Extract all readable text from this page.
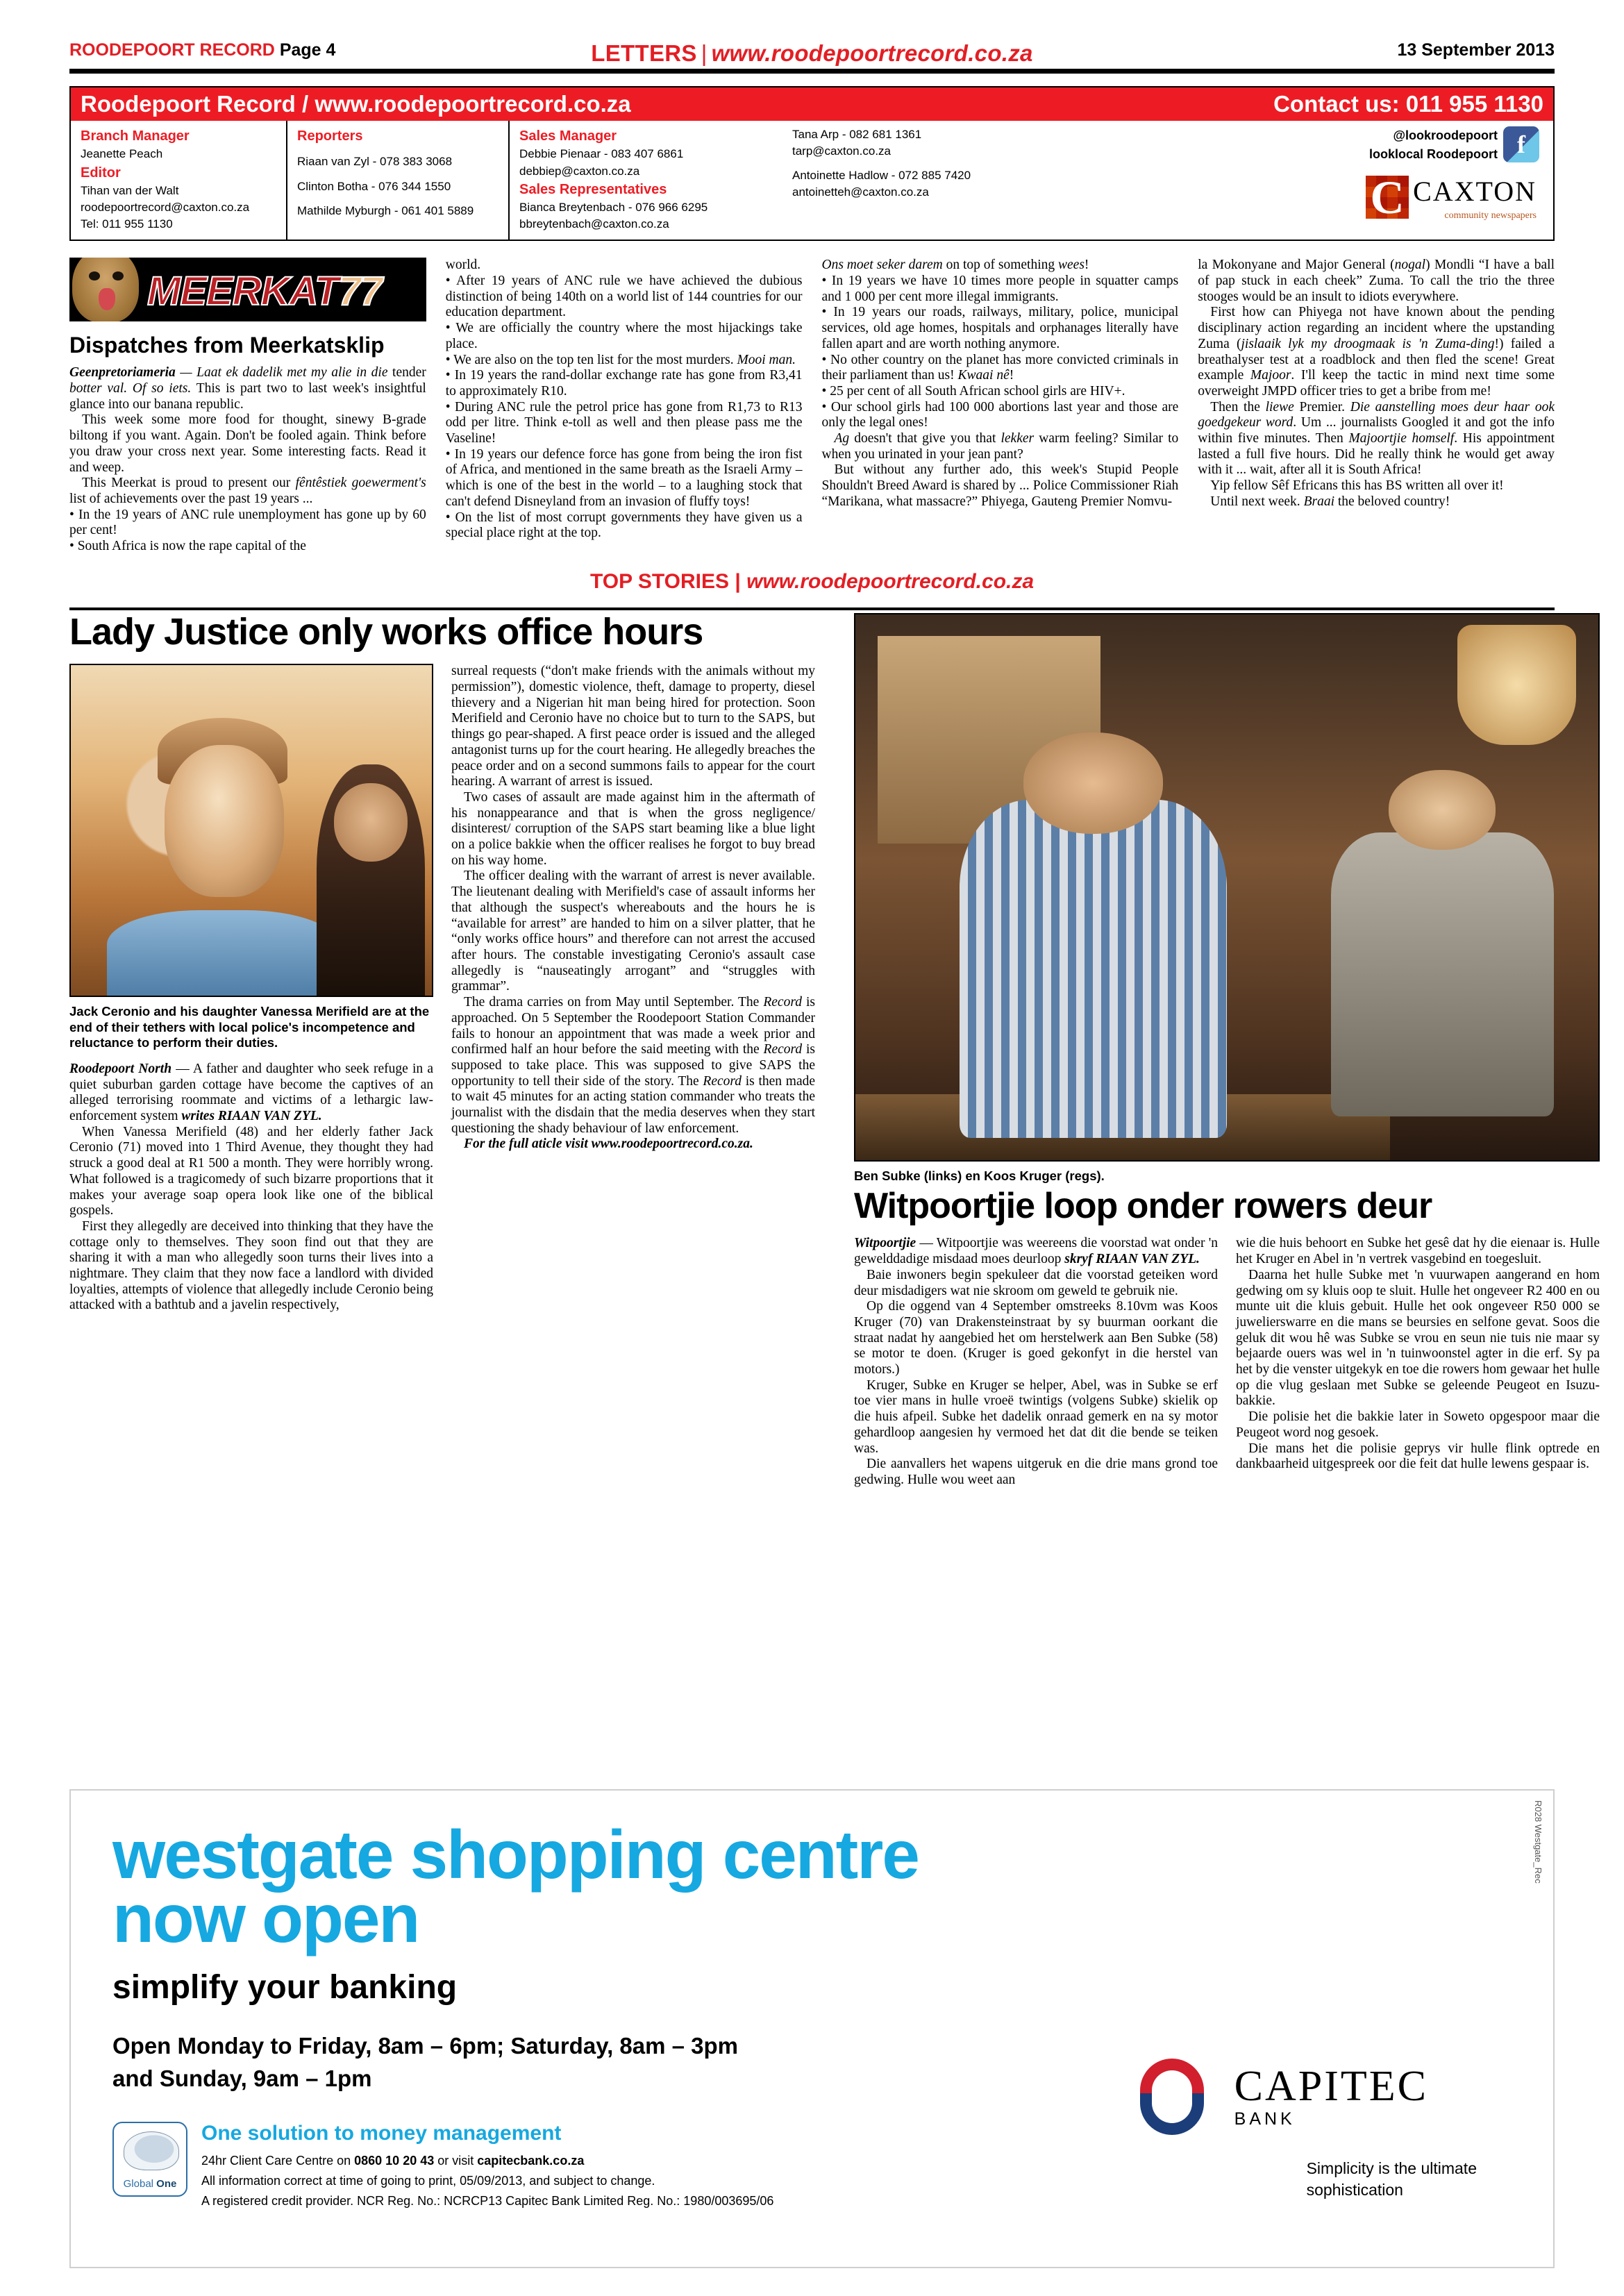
ROODEPOORT RECORD Page 4	LETTERS | www.roodepoortrecord.co.za	13 September 2013
Roodepoort Record / www.roodepoortrecord.co.za	Contact us: 011 955 1130
Branch Manager
Jeanette Peach
Editor
Tihan van der Walt
roodepoortrecord@caxton.co.za
Tel: 011 955 1130
Reporters
Riaan van Zyl - 078 383 3068
Clinton Botha - 076 344 1550
Mathilde Myburgh - 061 401 5889
Sales Manager
Debbie Pienaar - 083 407 6861
debbiep@caxton.co.za
Sales Representatives
Bianca Breytenbach - 076 966 6295
bbreytenbach@caxton.co.za
Tana Arp - 082 681 1361
tarp@caxton.co.za
Antoinette Hadlow - 072 885 7420
antoinetteh@caxton.co.za
@lookroodepoort
looklocal Roodepoort f
C
CAXTON
community newspapers
MEERKAT77
Dispatches from Meerkatsklip

Geenpretoriameria — Laat ek dadelik met my alie in die tender botter val. Of so iets. This is part two to last week's insightful glance into our banana republic.

This week some more food for thought, sinewy B-grade biltong if you want. Again. Don't be fooled again. Think before you draw your cross next year. Some interesting facts. Read it and weep.

This Meerkat is proud to present our fêntêstiek goewerment's list of achievements over the past 19 years ...

• In the 19 years of ANC rule unemployment has gone up by 60 per cent!

• South Africa is now the rape capital of the

world.

• After 19 years of ANC rule we have achieved the dubious distinction of being 140th on a world list of 144 countries for our education department.

• We are officially the country where the most hijackings take place.

• We are also on the top ten list for the most murders. Mooi man.

• In 19 years the rand-dollar exchange rate has gone from R3,41 to approximately R10.

• During ANC rule the petrol price has gone from R1,73 to R13 odd per litre. Think e-toll as well and then please pass me the Vaseline!

• In 19 years our defence force has gone from being the iron fist of Africa, and mentioned in the same breath as the Israeli Army – which is one of the best in the world – to a laughing stock that can't defend Disneyland from an invasion of fluffy toys!

• On the list of most corrupt governments they have given us a special place right at the top.

Ons moet seker darem on top of something wees!

• In 19 years we have 10 times more people in squatter camps and 1 000 per cent more illegal immigrants.

• In 19 years our roads, railways, military, police, municipal services, old age homes, hospitals and orphanages literally have fallen apart and are worth nothing anymore.

• No other country on the planet has more convicted criminals in their parliament than us! Kwaai nê!

• 25 per cent of all South African school girls are HIV+.

• Our school girls had 100 000 abortions last year and those are only the legal ones!

Ag doesn't that give you that lekker warm feeling? Similar to when you urinated in your jean pant?

But without any further ado, this week's Stupid People Shouldn't Breed Award is shared by ... Police Commissioner Riah “Marikana, what massacre?” Phiyega, Gauteng Premier Nomvu-

la Mokonyane and Major General (nogal) Mondli “I have a ball of pap stuck in each cheek” Zuma. To call the trio the three stooges would be an insult to idiots everywhere.

First how can Phiyega not have known about the pending disciplinary action regarding an incident where the upstanding Zuma (jislaaik lyk my droogmaak is 'n Zuma-ding!) failed a breathalyser test at a roadblock and then fled the scene! Great example Majoor. I'll keep the tactic in mind next time some overweight JMPD officer tries to get a bribe from me!

Then the liewe Premier. Die aanstelling moes deur haar ook goedgekeur word. Um ... journalists Googled it and got the info within five minutes. Then Majoortjie homself. His appointment lasted a full five hours. Did he really think he would get away with it ... wait, after all it is South Africa!

Yip fellow Sêf Efricans this has BS written all over it!

Until next week. Braai the beloved country!

TOP STORIES | www.roodepoortrecord.co.za
Lady Justice only works office hours
Jack Ceronio and his daughter Vanessa Merifield are at the end of their tethers with local police's incompetence and reluctance to perform their duties.

Roodepoort North — A father and daughter who seek refuge in a quiet suburban garden cottage have become the captives of an alleged terrorising roommate and victims of a lethargic law-enforcement system writes RIAAN VAN ZYL.

When Vanessa Merifield (48) and her elderly father Jack Ceronio (71) moved into 1 Third Avenue, they thought they had struck a good deal at R1 500 a month. They were horribly wrong. What followed is a tragicomedy of such bizarre proportions that it makes your average soap opera look like one of the biblical gospels.

First they allegedly are deceived into thinking that they have the cottage only to themselves. They soon find out that they are sharing it with a man who allegedly soon turns their lives into a nightmare. They claim that they now face a landlord with divided loyalties, attempts of violence that allegedly include Ceronio being attacked with a bathtub and a javelin respectively,

surreal requests (“don't make friends with the animals without my permission”), domestic violence, theft, damage to property, diesel thievery and a Nigerian hit man being hired for protection. Soon Merifield and Ceronio have no choice but to turn to the SAPS, but things go pear-shaped. A first peace order is issued and the alleged antagonist turns up for the court hearing. He allegedly breaches the peace order and on a second summons fails to appear for the court hearing. A warrant of arrest is issued.

Two cases of assault are made against him in the aftermath of his nonappearance and that is when the gross negligence/ disinterest/ corruption of the SAPS start beaming like a blue light on a police bakkie when the officer realises he forgot to buy bread on his way home.

The officer dealing with the warrant of arrest is never available. The lieutenant dealing with Merifield's case of assault informs her that although the suspect's whereabouts and the hours he is “available for arrest” are handed to him on a silver platter, that he “only works office hours” and therefore can not arrest the accused after hours. The constable investigating Ceronio's assault case allegedly is “nauseatingly arrogant” and “struggles with grammar”.

The drama carries on from May until September. The Record is approached. On 5 September the Roodepoort Station Commander fails to honour an appointment that was made a week prior and confirmed half an hour before the said meeting with the Record is supposed to take place. This was supposed to give SAPS the opportunity to tell their side of the story. The Record is then made to wait 45 minutes for an acting station commander who treats the journalist with the disdain that the media deserves when they start questioning the shady behaviour of law enforcement.

For the full aticle visit www.roodepoortrecord.co.za.

Ben Subke (links) en Koos Kruger (regs).
Witpoortjie loop onder rowers deur

Witpoortjie — Witpoortjie was weereens die voorstad wat onder 'n gewelddadige misdaad moes deurloop skryf RIAAN VAN ZYL.

Baie inwoners begin spekuleer dat die voorstad geteiken word deur misdadigers wat nie skroom om geweld te gebruik nie.

Op die oggend van 4 September omstreeks 8.10vm was Koos Kruger (70) van Drakensteinstraat by sy buurman oorkant die straat nadat hy aangebied het om herstelwerk aan Ben Subke (58) se motor te doen. (Kruger is goed gekonfyt in die herstel van motors.)

Kruger, Subke en Kruger se helper, Abel, was in Subke se erf toe vier mans in hulle vroeë twintigs (volgens Subke) skielik op die huis afpeil. Subke het dadelik onraad gemerk en na sy motor gehardloop aangesien hy vermoed het dat dit die bende se teiken was.

Die aanvallers het wapens uitgeruk en die drie mans grond toe gedwing. Hulle wou weet aan

wie die huis behoort en Subke het gesê dat hy die eienaar is. Hulle het Kruger en Abel in 'n vertrek vasgebind en toegesluit.

Daarna het hulle Subke met 'n vuurwapen aangerand en hom gedwing om sy kluis oop te sluit. Hulle het ongeveer R2 400 en ou munte uit die kluis gebuit. Hulle het ook ongeveer R50 000 se juwelierswarre en die mans se beursies en selfone gevat. Soos die geluk dit wou hê was Subke se vrou en seun nie tuis nie maar sy bejaarde ouers was wel in 'n tuinwoonstel agter in die erf. Sy pa het by die venster uitgekyk en toe die rowers hom gewaar het hulle op die vlug geslaan met Subke se geleende Peugeot en Isuzu-bakkie.

Die polisie het die bakkie later in Soweto opgespoor maar die Peugeot word nog gesoek.

Die mans het die polisie geprys vir hulle flink optrede en dankbaarheid uitgespreek oor die feit dat hulle lewens gespaar is.

R028 Westgate_Rec
westgate shopping centre
now open
simplify your banking
Open Monday to Friday, 8am – 6pm; Saturday, 8am – 3pm
and Sunday, 9am – 1pm
Global One
One solution to money management
24hr Client Care Centre on 0860 10 20 43 or visit capitecbank.co.za
All information correct at time of going to print, 05/09/2013, and subject to change.
A registered credit provider. NCR Reg. No.: NCRCP13 Capitec Bank Limited Reg. No.: 1980/003695/06
CAPITEC
BANK
Simplicity is the ultimate
sophistication
